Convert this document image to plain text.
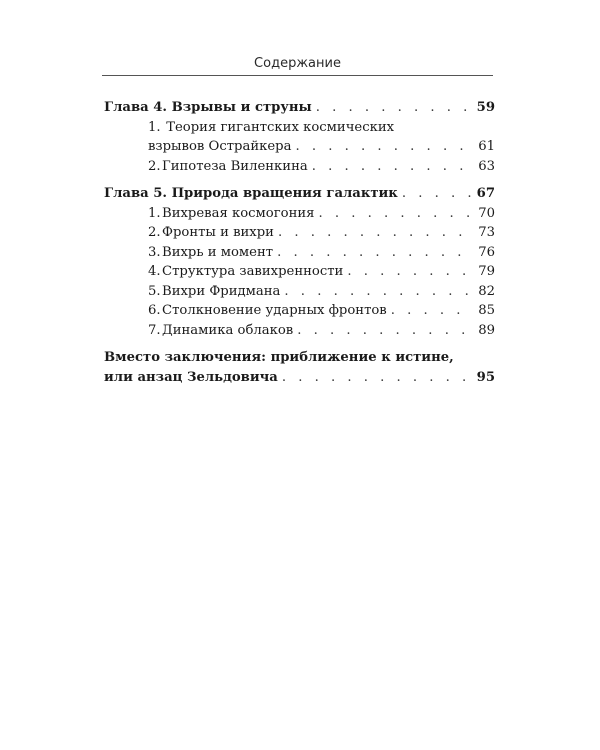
Содержание
Глава 4. Взрывы и струны . . .	59
1. Теория гигантских космических
взрывов Острайкера . . .	61
2. Гипотеза Виленкина . . .	63
Глава 5. Природа вращения галактик . . .	67
1. Вихревая космогония . . .	70
2. Фронты и вихри . . .	73
3. Вихрь и момент . . .	76
4. Структура завихренности . . .	79
5. Вихри Фридмана . . .	82
6. Столкновение ударных фронтов . . .	85
7. Динамика облаков . . .	89
Вместо заключения: приближение к истине,
или анзац Зельдовича . . .	95
